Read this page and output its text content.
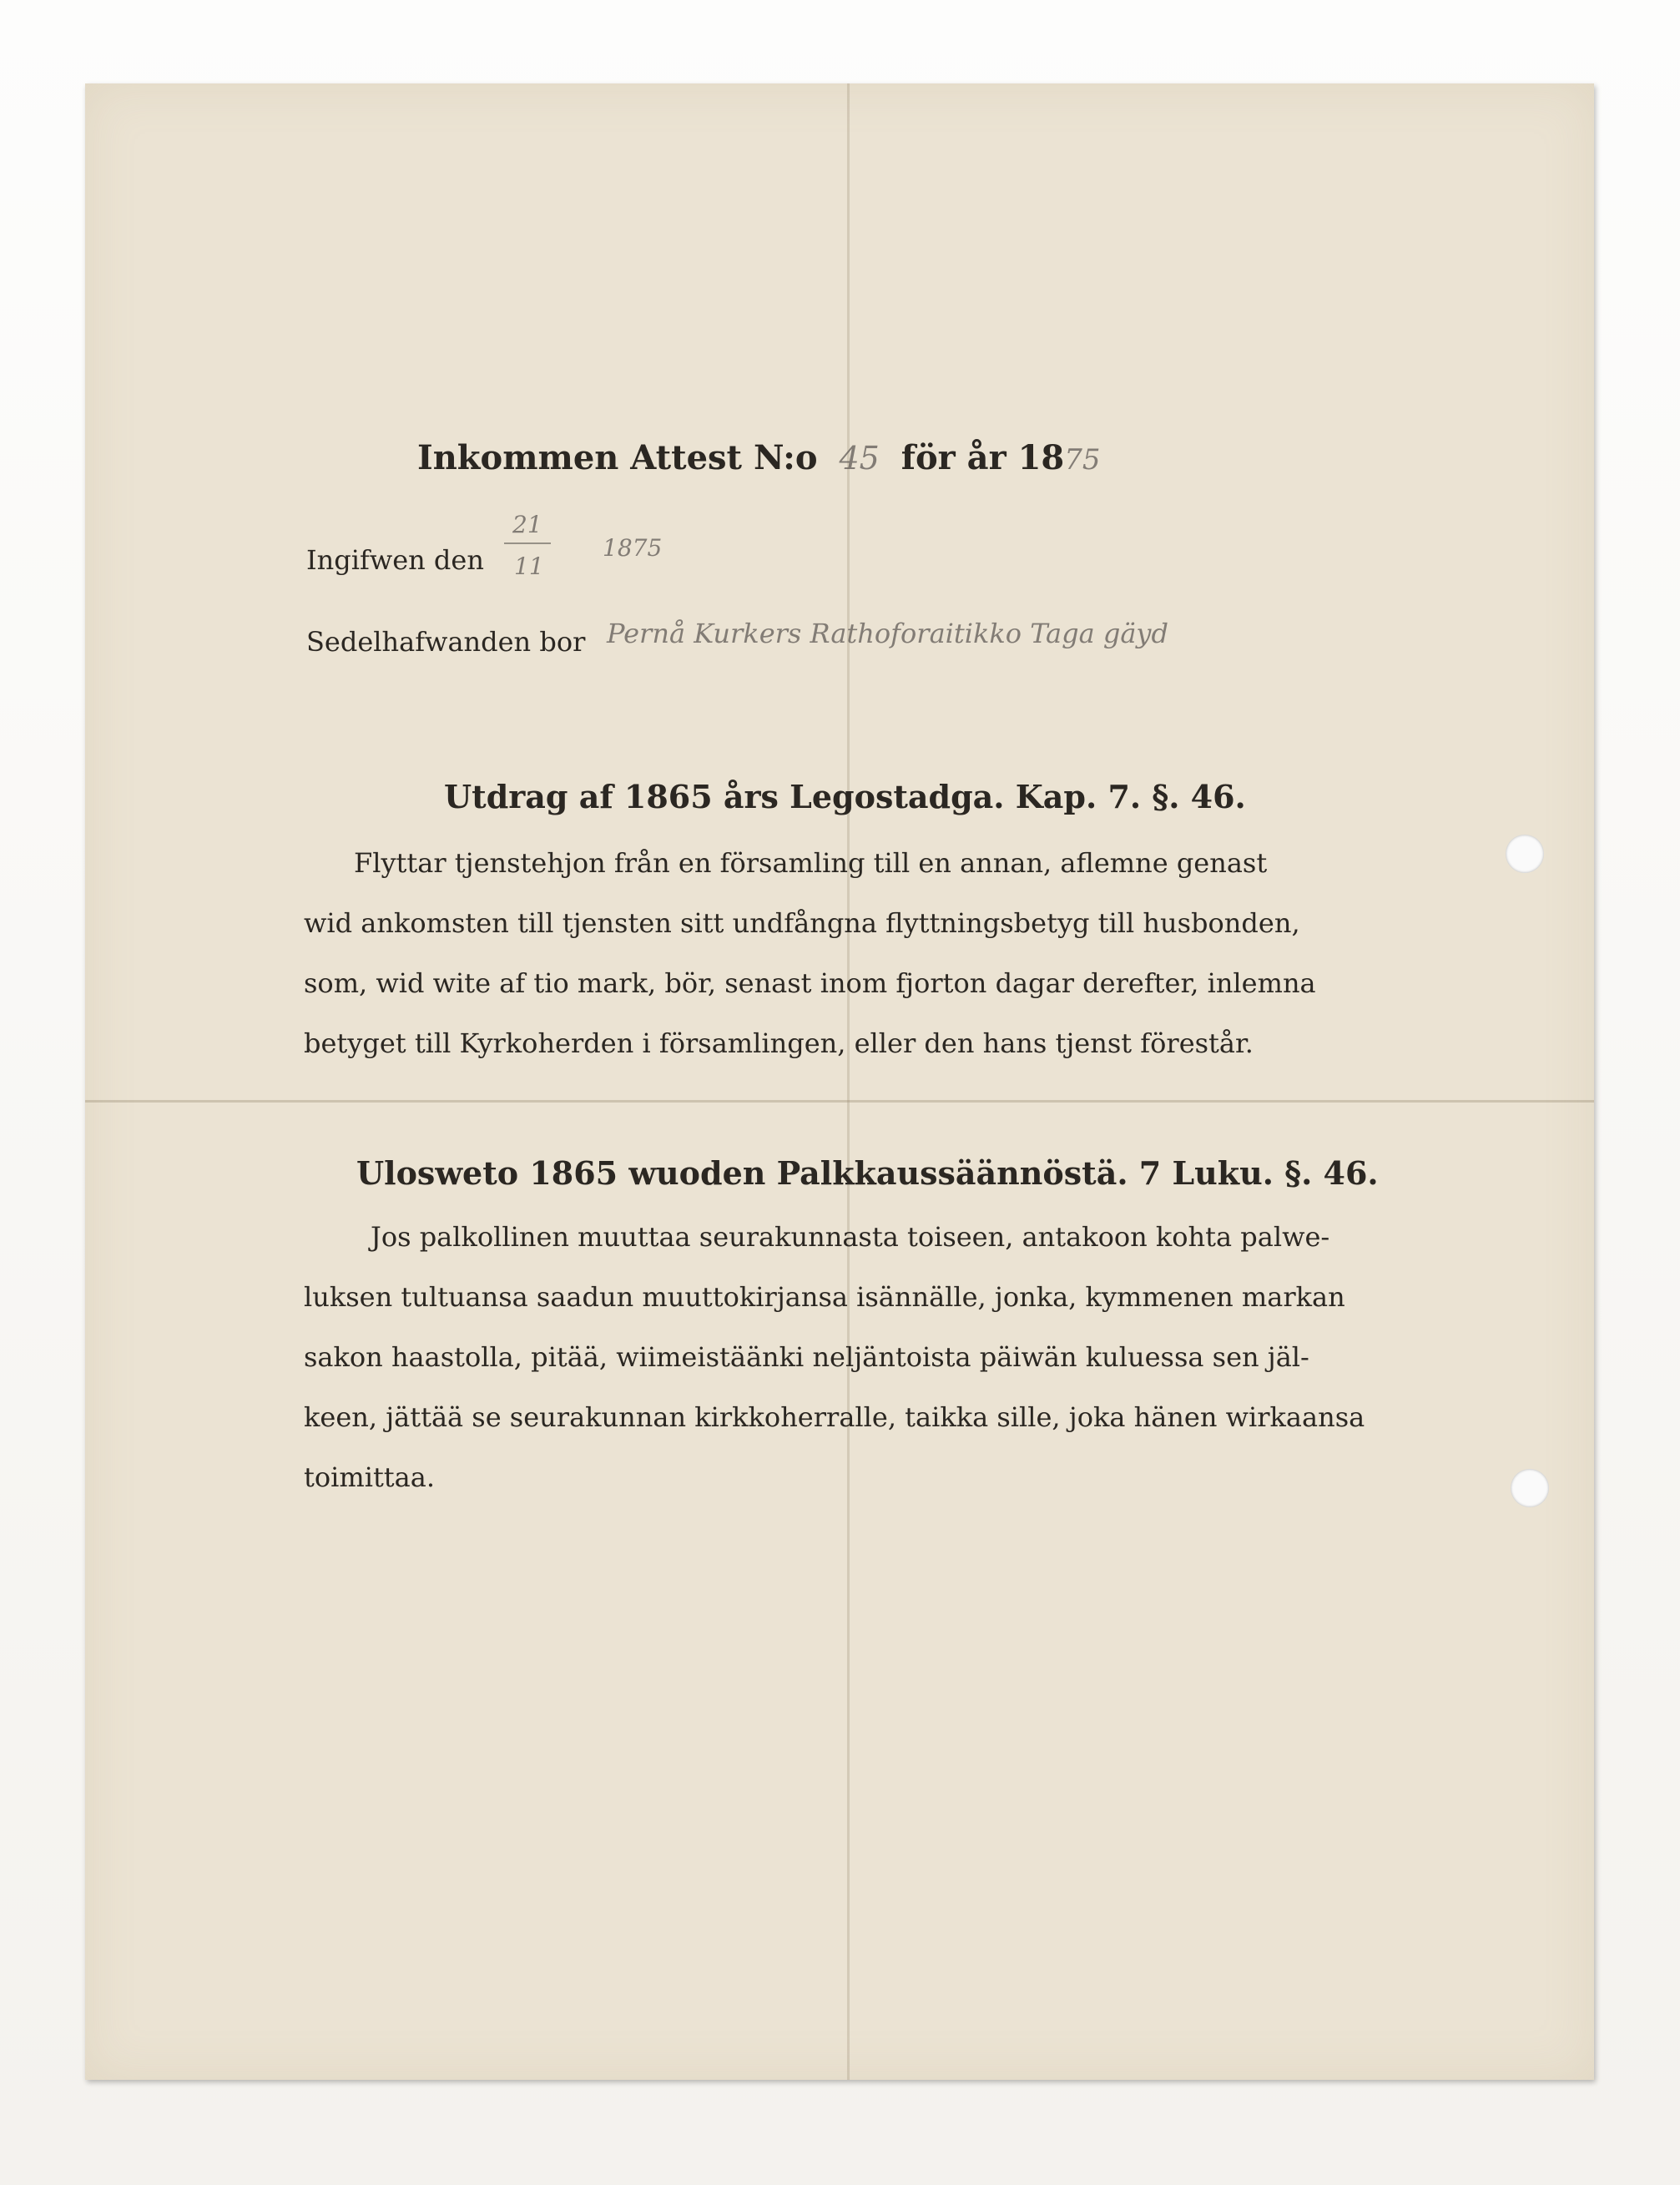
Inkommen Attest N:o 45 för år 1875
Ingifwen den
21
11
1875
Sedelhafwanden bor Pernå Kurkers Rathoforaitikko Taga gäyd
Utdrag af 1865 års Legostadga. Kap. 7. §. 46.
Flyttar tjenstehjon från en församling till en annan, aflemne genast
wid ankomsten till tjensten sitt undfångna flyttningsbetyg till husbonden,
som, wid wite af tio mark, bör, senast inom fjorton dagar derefter, inlemna
betyget till Kyrkoherden i församlingen, eller den hans tjenst förestår.
Ulosweto 1865 wuoden Palkkaussäännöstä. 7 Luku. §. 46.
Jos palkollinen muuttaa seurakunnasta toiseen, antakoon kohta palwe-
luksen tultuansa saadun muuttokirjansa isännälle, jonka, kymmenen markan
sakon haastolla, pitää, wiimeistäänki neljäntoista päiwän kuluessa sen jäl-
keen, jättää se seurakunnan kirkkoherralle, taikka sille, joka hänen wirkaansa
toimittaa.
